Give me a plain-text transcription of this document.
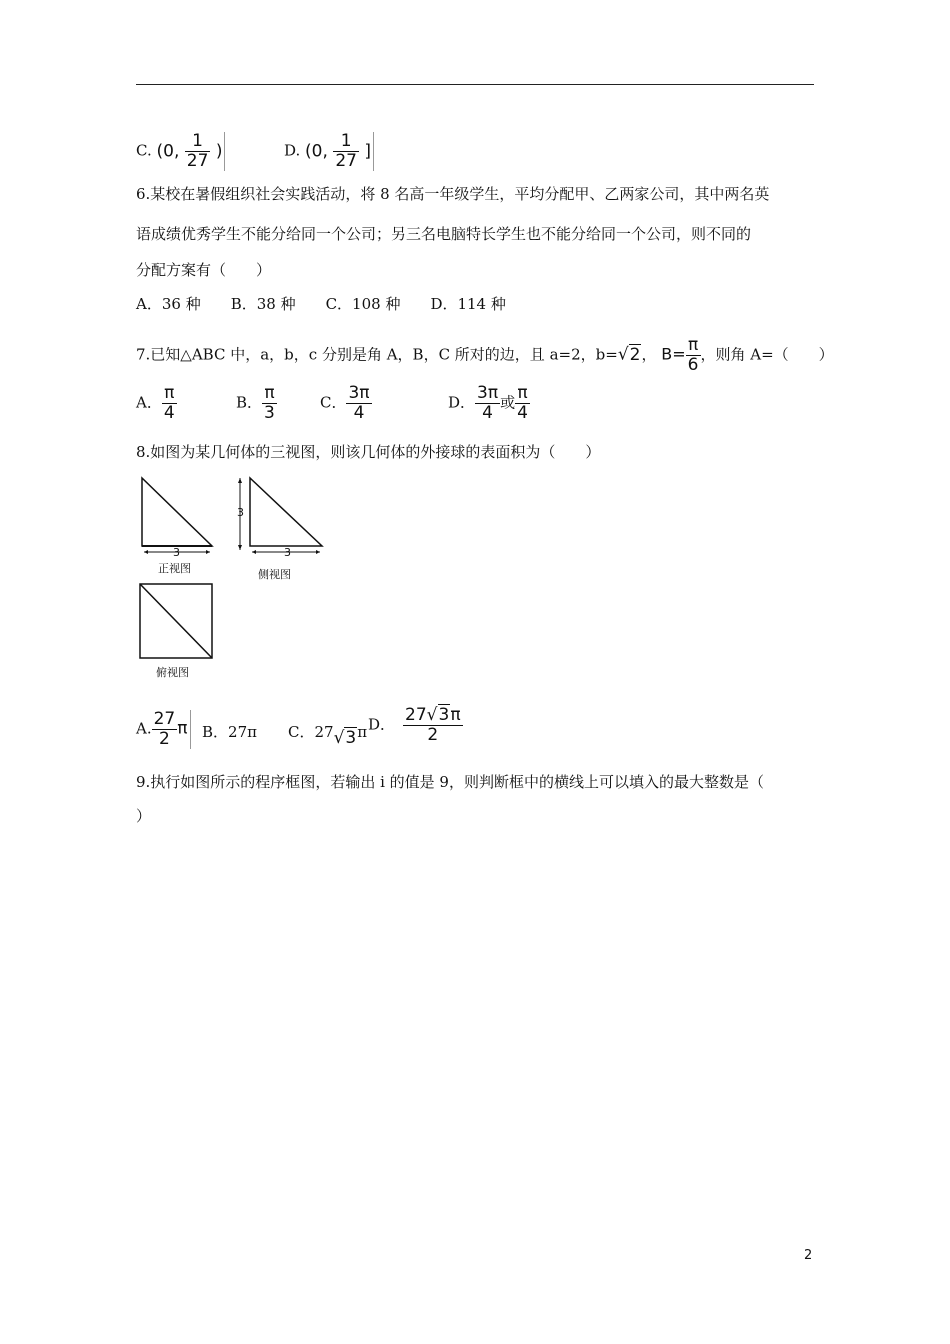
C. (0, $\frac{1}{27}$ )	D. (0, $\frac{1}{27}$ ]
6.某校在暑假组织社会实践活动，将 8 名高一年级学生，平均分配甲、乙两家公司，其中两名英
语成绩优秀学生不能分给同一个公司；另三名电脑特长学生也不能分给同一个公司，则不同的
分配方案有（　　）
A．36 种　　B．38 种　　C．108 种　　D．114 种
7.已知△ABC 中，a，b，c 分别是角 A，B，C 所对的边，且 a=2，b=√2， $B= \frac{\pi}{6}$ ，则角 A=（　　）
A． $\frac{\pi}{4}$	B． $\frac{\pi}{3}$	C． $\frac{3\pi}{4}$	D． $\frac{3\pi}{4}$ 或 $\frac{\pi}{4}$
8.如图为某几何体的三视图，则该几何体的外接球的表面积为（　　）
3
正视图
3
3
侧视图
俯视图
A. $\frac{27}{2}$ π B．27π C．27√3π D． $\frac{27√3\pi}{2}$
9.执行如图所示的程序框图，若输出 i 的值是 9，则判断框中的横线上可以填入的最大整数是（
）
2
